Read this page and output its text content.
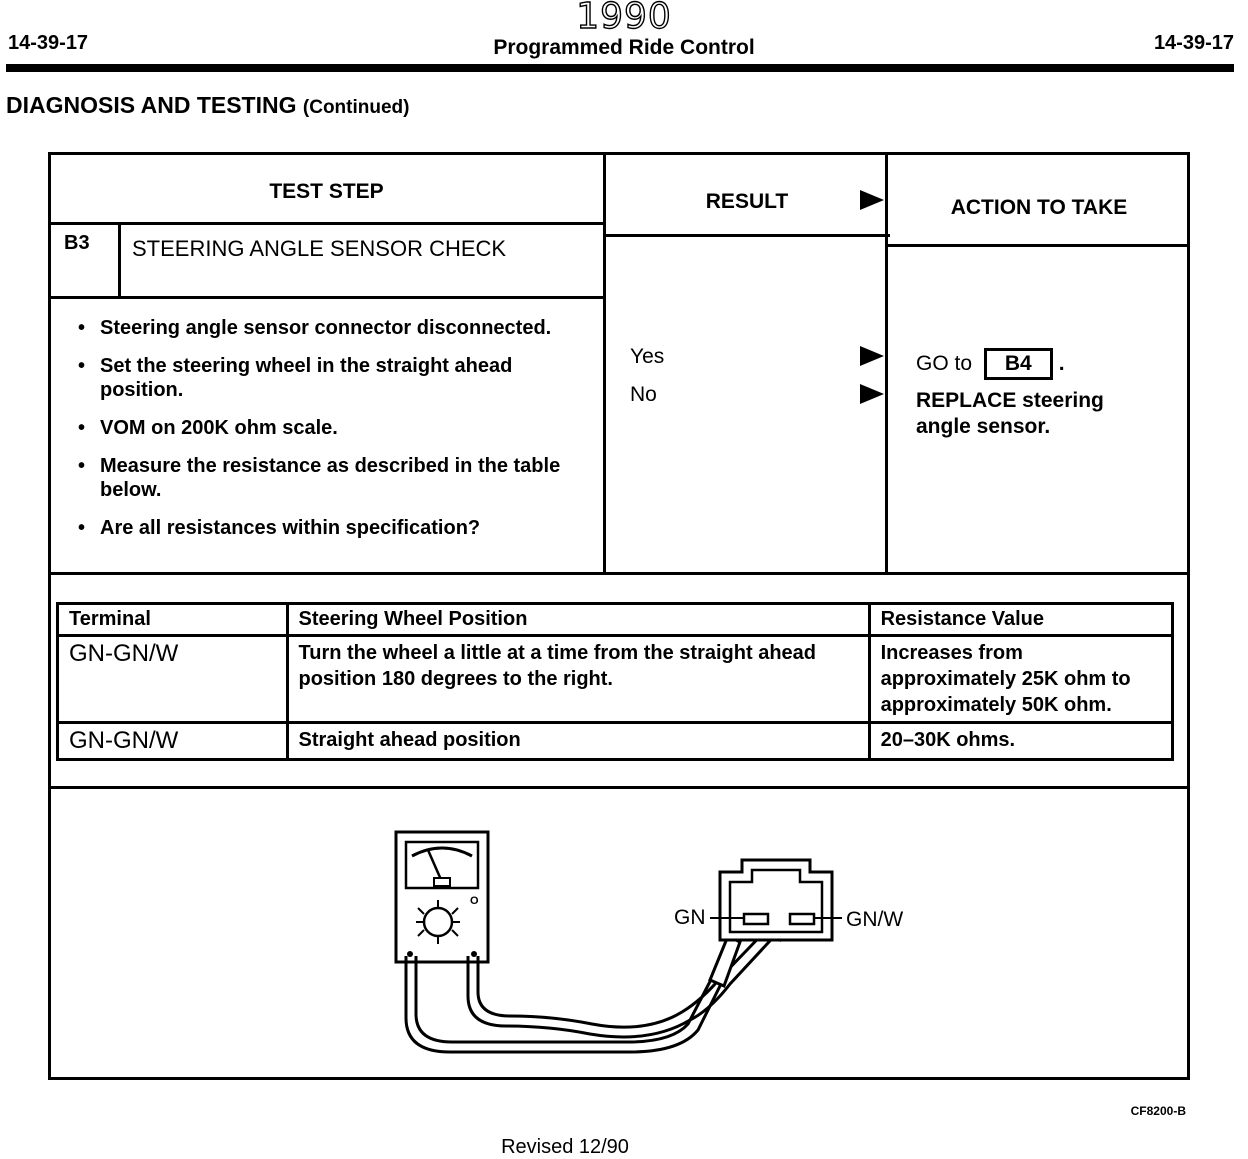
14-39-17
1990
Programmed Ride Control	14-39-17
DIAGNOSIS AND TESTING (Continued)
TEST STEP	RESULT	ACTION TO TAKE
B3 STEERING ANGLE SENSOR CHECK
• Steering angle sensor connector disconnected.
• Set the steering wheel in the straight ahead position.
• VOM on 200K ohm scale.
• Measure the resistance as described in the table below.
• Are all resistances within specification?
Yes
No
GO to B4 .
REPLACE steering angle sensor.
Terminal	Steering Wheel Position	Resistance Value
GN-GN/W	Turn the wheel a little at a time from the straight ahead position 180 degrees to the right.	Increases from approximately 25K ohm to approximately 50K ohm.
GN-GN/W	Straight ahead position	20–30K ohms.
O
GN	GN/W
CF8200-B
Revised 12/90
